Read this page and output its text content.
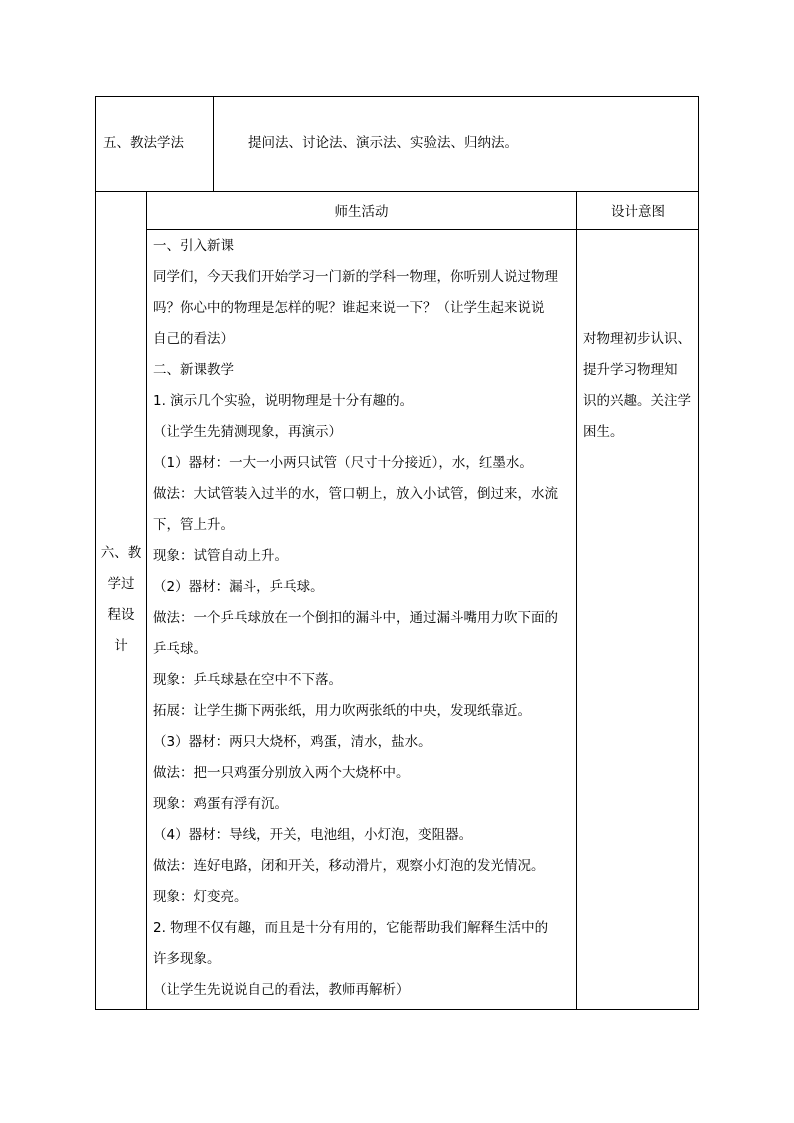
五、教法学法	提问法、讨论法、演示法、实验法、归纳法。
六、教
学过
程设
计
师生活动	设计意图
一、引入新课
同学们，今天我们开始学习一门新的学科一物理，你听别人说过物理
吗？你心中的物理是怎样的呢？谁起来说一下？（让学生起来说说
自己的看法）
二、新课教学
1. 演示几个实验，说明物理是十分有趣的。
（让学生先猜测现象，再演示）
（1）器材：一大一小两只试管（尺寸十分接近），水，红墨水。
做法：大试管装入过半的水，管口朝上，放入小试管，倒过来，水流
下，管上升。
现象：试管自动上升。
（2）器材：漏斗，乒乓球。
做法：一个乒乓球放在一个倒扣的漏斗中，通过漏斗嘴用力吹下面的
乒乓球。
现象：乒乓球悬在空中不下落。
拓展：让学生撕下两张纸，用力吹两张纸的中央，发现纸靠近。
（3）器材：两只大烧杯，鸡蛋，清水，盐水。
做法：把一只鸡蛋分别放入两个大烧杯中。
现象：鸡蛋有浮有沉。
（4）器材：导线，开关，电池组，小灯泡，变阻器。
做法：连好电路，闭和开关，移动滑片，观察小灯泡的发光情况。
现象：灯变亮。
2. 物理不仅有趣，而且是十分有用的，它能帮助我们解释生活中的
许多现象。
（让学生先说说自己的看法，教师再解析）
对物理初步认识、
提升学习物理知
识的兴趣。关注学
困生。
